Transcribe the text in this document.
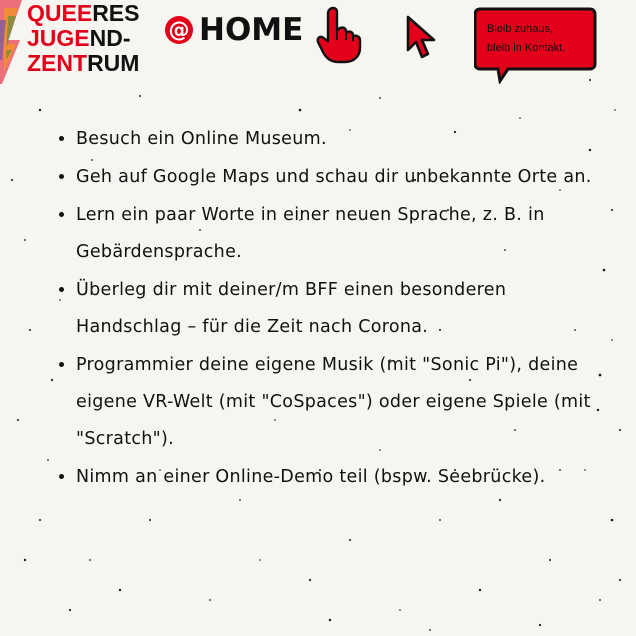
QUEERES
JUGEND-
ZENTRUM
@ HOME	Bleib zuhaus,
bleib in Kontakt.
• Besuch ein Online Museum.
• Geh auf Google Maps und schau dir unbekannte Orte an.
• Lern ein paar Worte in einer neuen Sprache, z. B. in Gebärdensprache.
• Überleg dir mit deiner/m BFF einen besonderen Handschlag – für die Zeit nach Corona.
• Programmier deine eigene Musik (mit "Sonic Pi"), deine eigene VR-Welt (mit "CoSpaces") oder eigene Spiele (mit "Scratch").
• Nimm an einer Online-Demo teil (bspw. Seebrücke).
